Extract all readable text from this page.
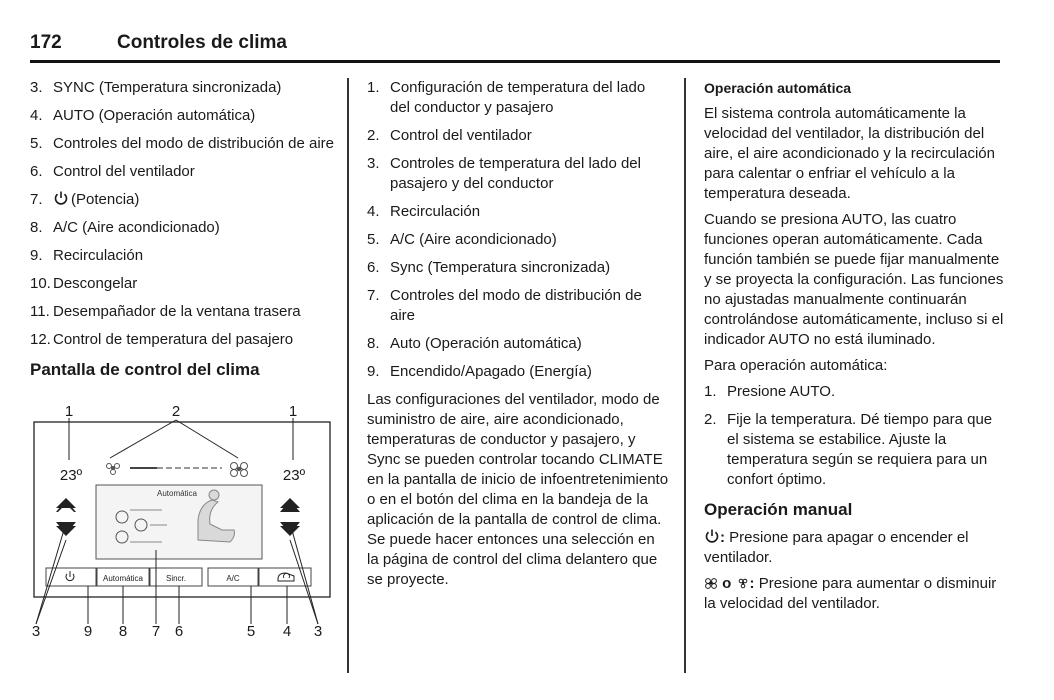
172	Controles de clima
3. SYNC (Temperatura sincronizada)
4. AUTO (Operación automática)
5. Controles del modo de distribución de aire
6. Control del ventilador
7. (Potencia)
8. A/C (Aire acondicionado)
9. Recirculación
10. Descongelar
11. Desempañador de la ventana trasera
12. Control de temperatura del pasajero
Pantalla de control del clima
1	2	1
23º	23º
Automática
Automática	Sincr.	A/C
3	9 8 7 6	5 4 3
1. Configuración de temperatura del lado del conductor y pasajero
2. Control del ventilador
3. Controles de temperatura del lado del pasajero y del conductor
4. Recirculación
5. A/C (Aire acondicionado)
6. Sync (Temperatura sincronizada)
7. Controles del modo de distribución de aire
8. Auto (Operación automática)
9. Encendido/Apagado (Energía)

Las configuraciones del ventilador, modo de suministro de aire, aire acondicionado, temperaturas de conductor y pasajero, y Sync se pueden controlar tocando CLIMATE en la pantalla de inicio de infoentretenimiento o en el botón del clima en la bandeja de la aplicación de la pantalla de control de clima. Se puede hacer entonces una selección en la página de control del clima delantero que se proyecte.

Operación automática

El sistema controla automáticamente la velocidad del ventilador, la distribución del aire, el aire acondicionado y la recirculación para calentar o enfriar el vehículo a la temperatura deseada.

Cuando se presiona AUTO, las cuatro funciones operan automáticamente. Cada función también se puede fijar manualmente y se proyecta la configuración. Las funciones no ajustadas manualmente continuarán controlándose automáticamente, incluso si el indicador AUTO no está iluminado.

Para operación automática:

1. Presione AUTO.
2. Fije la temperatura. Dé tiempo para que el sistema se estabilice. Ajuste la temperatura según se requiera para un confort óptimo.
Operación manual

: Presione para apagar o encender el ventilador.

o : Presione para aumentar o disminuir la velocidad del ventilador.
